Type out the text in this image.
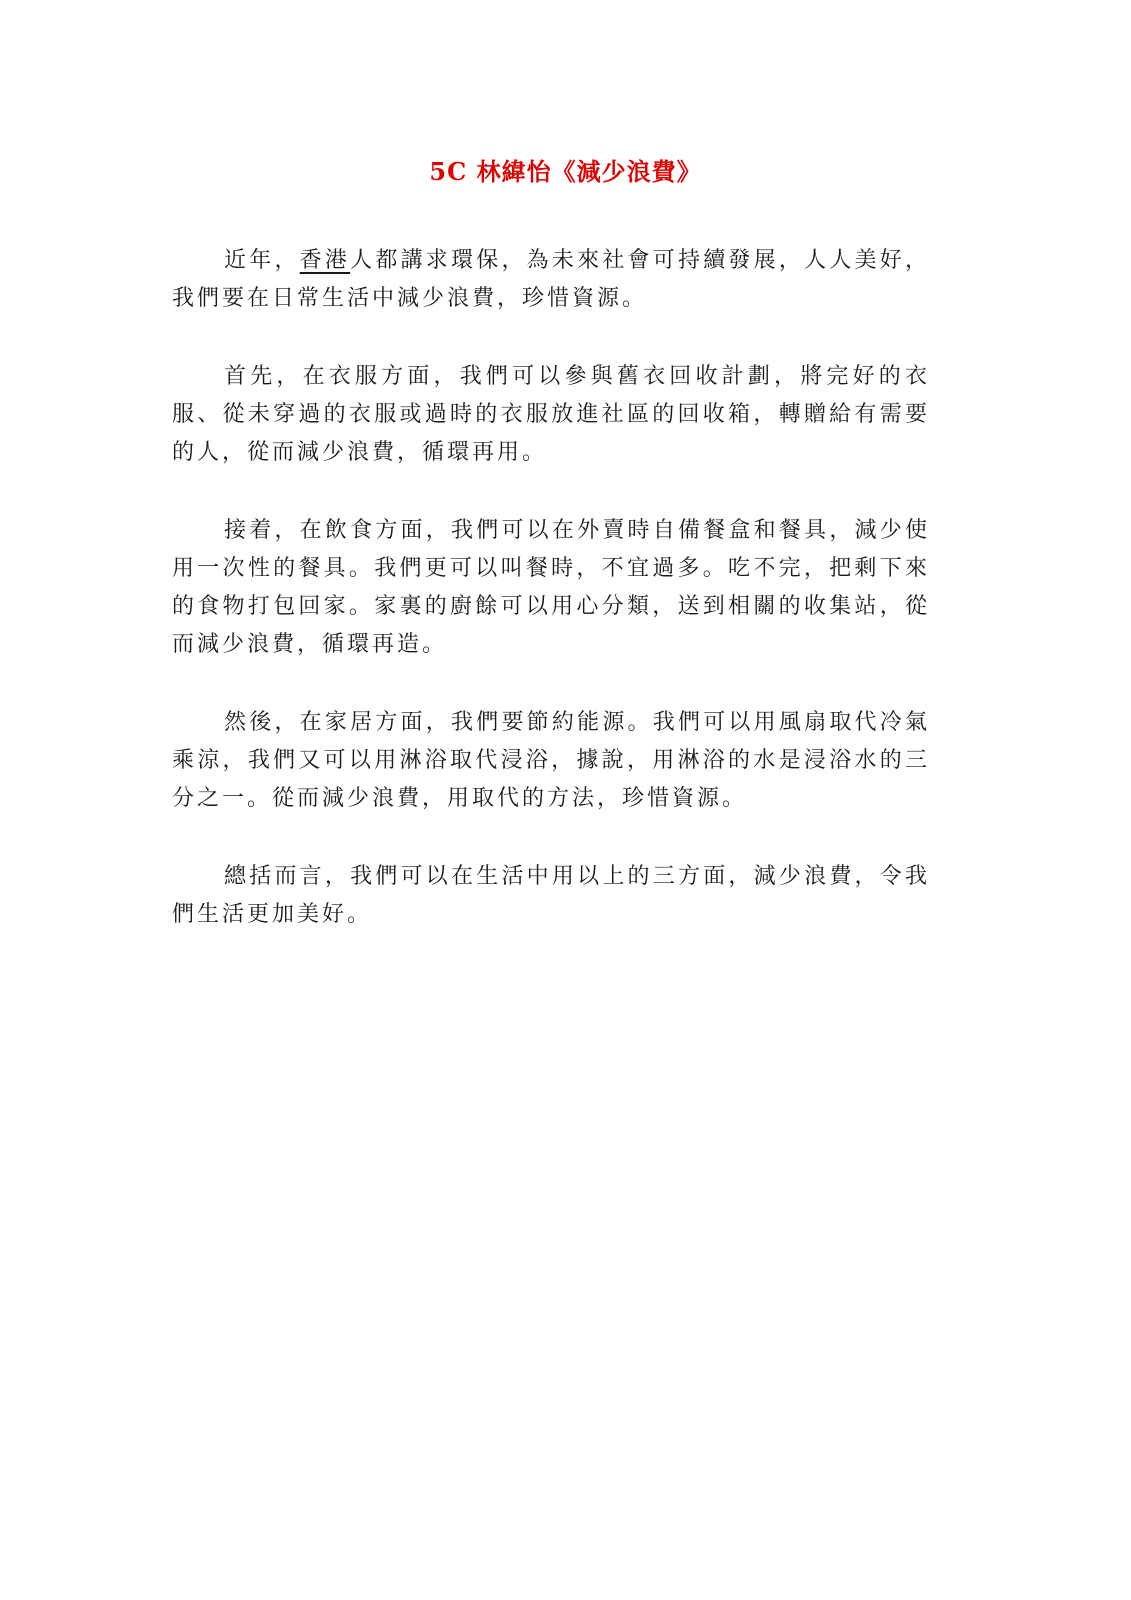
5C 林緯怡《減少浪費》

近年，香港人都講求環保，為未來社會可持續發展，人人美好，我們要在日常生活中減少浪費，珍惜資源。

首先，在衣服方面，我們可以參與舊衣回收計劃，將完好的衣服、從未穿過的衣服或過時的衣服放進社區的回收箱，轉贈給有需要的人，從而減少浪費，循環再用。

接着，在飲食方面，我們可以在外賣時自備餐盒和餐具，減少使用一次性的餐具。我們更可以叫餐時，不宜過多。吃不完，把剩下來的食物打包回家。家裏的廚餘可以用心分類，送到相關的收集站，從而減少浪費，循環再造。

然後，在家居方面，我們要節約能源。我們可以用風扇取代冷氣乘涼，我們又可以用淋浴取代浸浴，據說，用淋浴的水是浸浴水的三分之一。從而減少浪費，用取代的方法，珍惜資源。

總括而言，我們可以在生活中用以上的三方面，減少浪費，令我們生活更加美好。
